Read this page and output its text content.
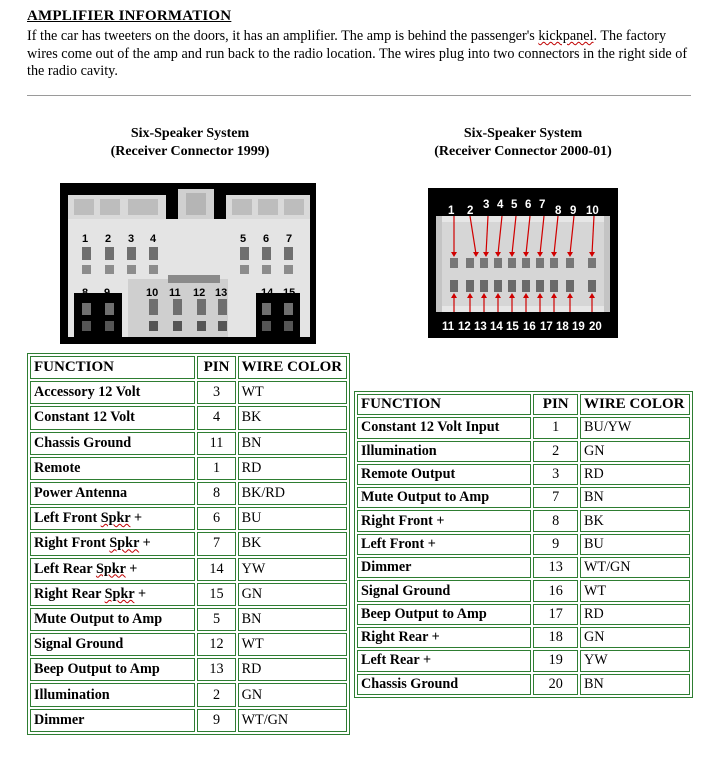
AMPLIFIER INFORMATION
If the car has tweeters on the doors, it has an amplifier. The amp is behind the passenger's kickpanel. The factory wires come out of the amp and run back to the radio location. The wires plug into two connectors in the right side of the radio cavity.
Six-Speaker System
(Receiver Connector 1999)
Six-Speaker System
(Receiver Connector 2000-01)
1 2 3 4	5 6 7
8 9	10 11 12 13	14 15
1 2 3 4 5 6 7 8 9 10
11 12 13 14 15 16 17 18 19 20
FUNCTION	PIN	WIRE COLOR
Accessory 12 Volt	3	WT
Constant 12 Volt	4	BK
Chassis Ground	11	BN
Remote	1	RD
Power Antenna	8	BK/RD
Left Front Spkr +	6	BU
Right Front Spkr +	7	BK
Left Rear Spkr +	14	YW
Right Rear Spkr +	15	GN
Mute Output to Amp	5	BN
Signal Ground	12	WT
Beep Output to Amp	13	RD
Illumination	2	GN
Dimmer	9	WT/GN
FUNCTION	PIN	WIRE COLOR
Constant 12 Volt Input	1	BU/YW
Illumination	2	GN
Remote Output	3	RD
Mute Output to Amp	7	BN
Right Front +	8	BK
Left Front +	9	BU
Dimmer	13	WT/GN
Signal Ground	16	WT
Beep Output to Amp	17	RD
Right Rear +	18	GN
Left Rear +	19	YW
Chassis Ground	20	BN
